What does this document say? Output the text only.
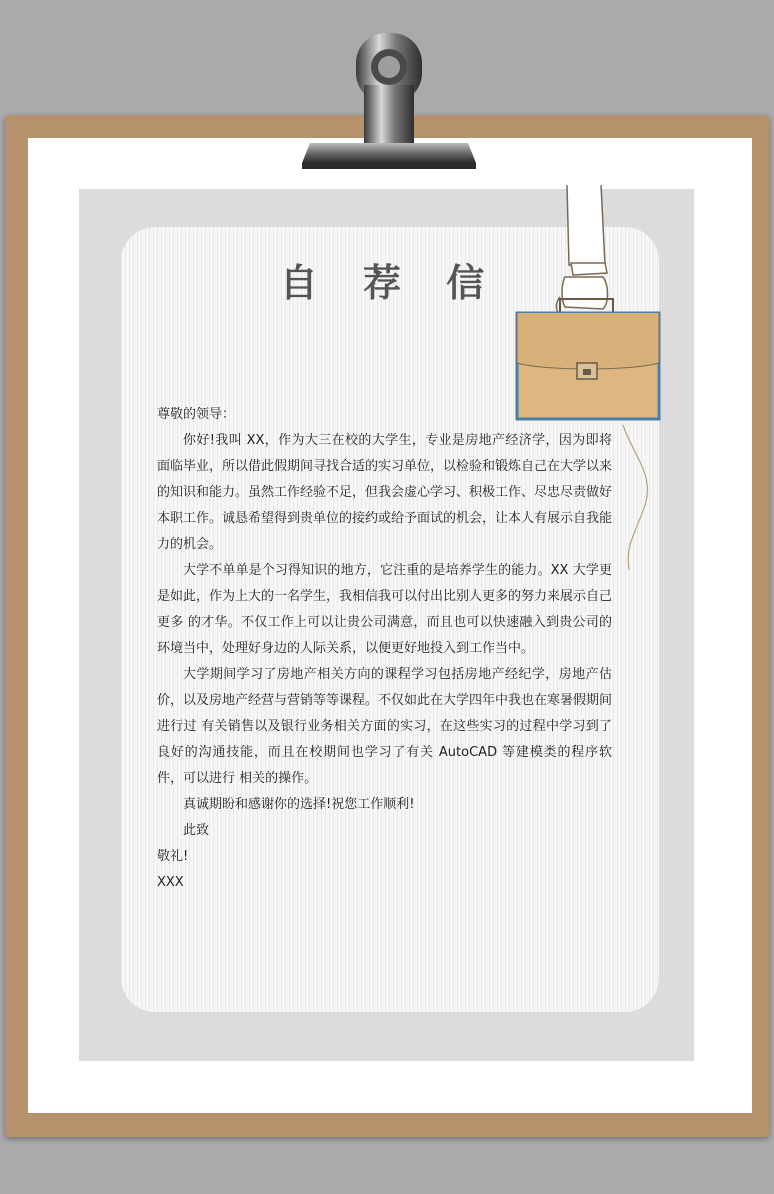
自 荐 信

尊敬的领导：

你好!我叫 XX，作为大三在校的大学生，专业是房地产经济学，因为即将面临毕业，所以借此假期间寻找合适的实习单位，以检验和锻炼自己在大学以来的知识和能力。虽然工作经验不足，但我会虚心学习、积极工作、尽忠尽责做好本职工作。诚恳希望得到贵单位的接约或给予面试的机会，让本人有展示自我能力的机会。

大学不单单是个习得知识的地方，它注重的是培养学生的能力。XX 大学更是如此，作为上大的一名学生，我相信我可以付出比别人更多的努力来展示自己更多 的才华。不仅工作上可以让贵公司满意，而且也可以快速融入到贵公司的环境当中，处理好身边的人际关系，以便更好地投入到工作当中。

大学期间学习了房地产相关方向的课程学习包括房地产经纪学，房地产估价，以及房地产经营与营销等等课程。不仅如此在大学四年中我也在寒暑假期间进行过 有关销售以及银行业务相关方面的实习，在这些实习的过程中学习到了良好的沟通技能，而且在校期间也学习了有关 AutoCAD 等建模类的程序软件，可以进行 相关的操作。

真诚期盼和感谢你的选择!祝您工作顺利!

此致

敬礼!

XXX
